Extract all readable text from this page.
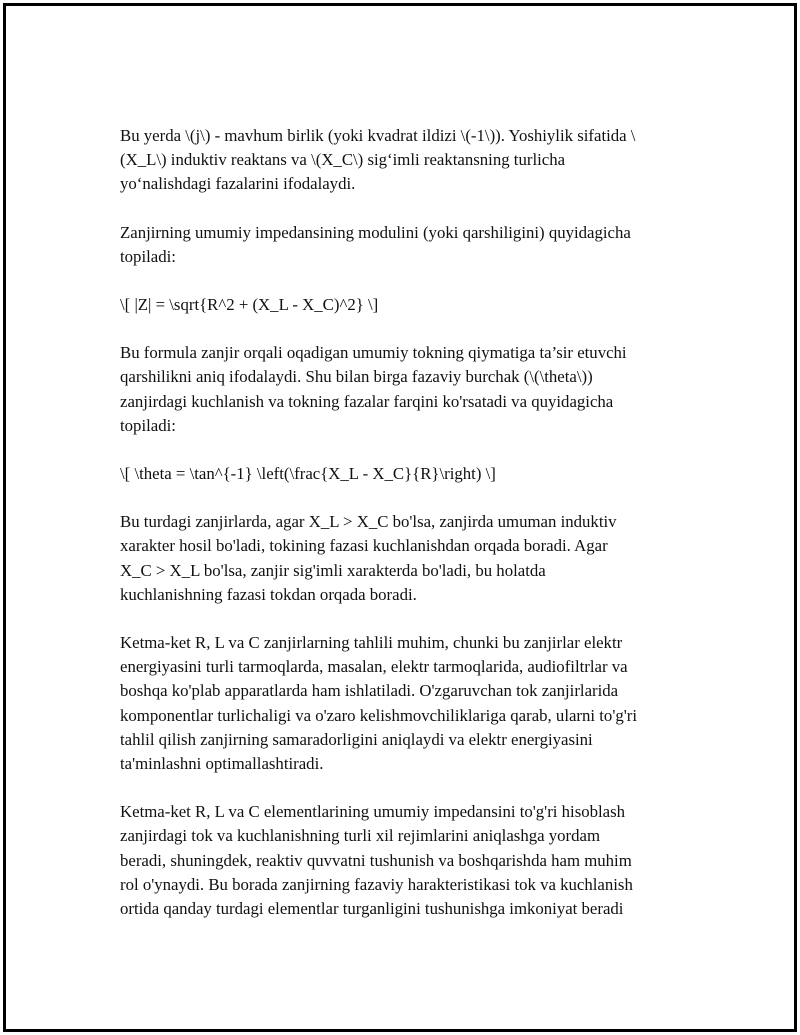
Bu yerda \(j\) - mavhum birlik (yoki kvadrat ildizi \(-1\)). Yoshiylik sifatida \
(X_L\) induktiv reaktans va \(X_C\) sig‘imli reaktansning turlicha
yo‘nalishdagi fazalarini ifodalaydi.

Zanjirning umumiy impedansining modulini (yoki qarshiligini) quyidagicha
topiladi:

\[ |Z| = \sqrt{R^2 + (X_L - X_C)^2} \]

Bu formula zanjir orqali oqadigan umumiy tokning qiymatiga ta’sir etuvchi
qarshilikni aniq ifodalaydi. Shu bilan birga fazaviy burchak (\(\theta\))
zanjirdagi kuchlanish va tokning fazalar farqini ko'rsatadi va quyidagicha
topiladi:

\[ \theta = \tan^{-1} \left(\frac{X_L - X_C}{R}\right) \]

Bu turdagi zanjirlarda, agar X_L > X_C bo'lsa, zanjirda umuman induktiv
xarakter hosil bo'ladi, tokining fazasi kuchlanishdan orqada boradi. Agar
X_C > X_L bo'lsa, zanjir sig'imli xarakterda bo'ladi, bu holatda
kuchlanishning fazasi tokdan orqada boradi.

Ketma-ket R, L va C zanjirlarning tahlili muhim, chunki bu zanjirlar elektr
energiyasini turli tarmoqlarda, masalan, elektr tarmoqlarida, audiofiltrlar va
boshqa ko'plab apparatlarda ham ishlatiladi. O'zgaruvchan tok zanjirlarida
komponentlar turlichaligi va o'zaro kelishmovchiliklariga qarab, ularni to'g'ri
tahlil qilish zanjirning samaradorligini aniqlaydi va elektr energiyasini
ta'minlashni optimallashtiradi.

Ketma-ket R, L va C elementlarining umumiy impedansini to'g'ri hisoblash
zanjirdagi tok va kuchlanishning turli xil rejimlarini aniqlashga yordam
beradi, shuningdek, reaktiv quvvatni tushunish va boshqarishda ham muhim
rol o'ynaydi. Bu borada zanjirning fazaviy harakteristikasi tok va kuchlanish
ortida qanday turdagi elementlar turganligini tushunishga imkoniyat beradi
